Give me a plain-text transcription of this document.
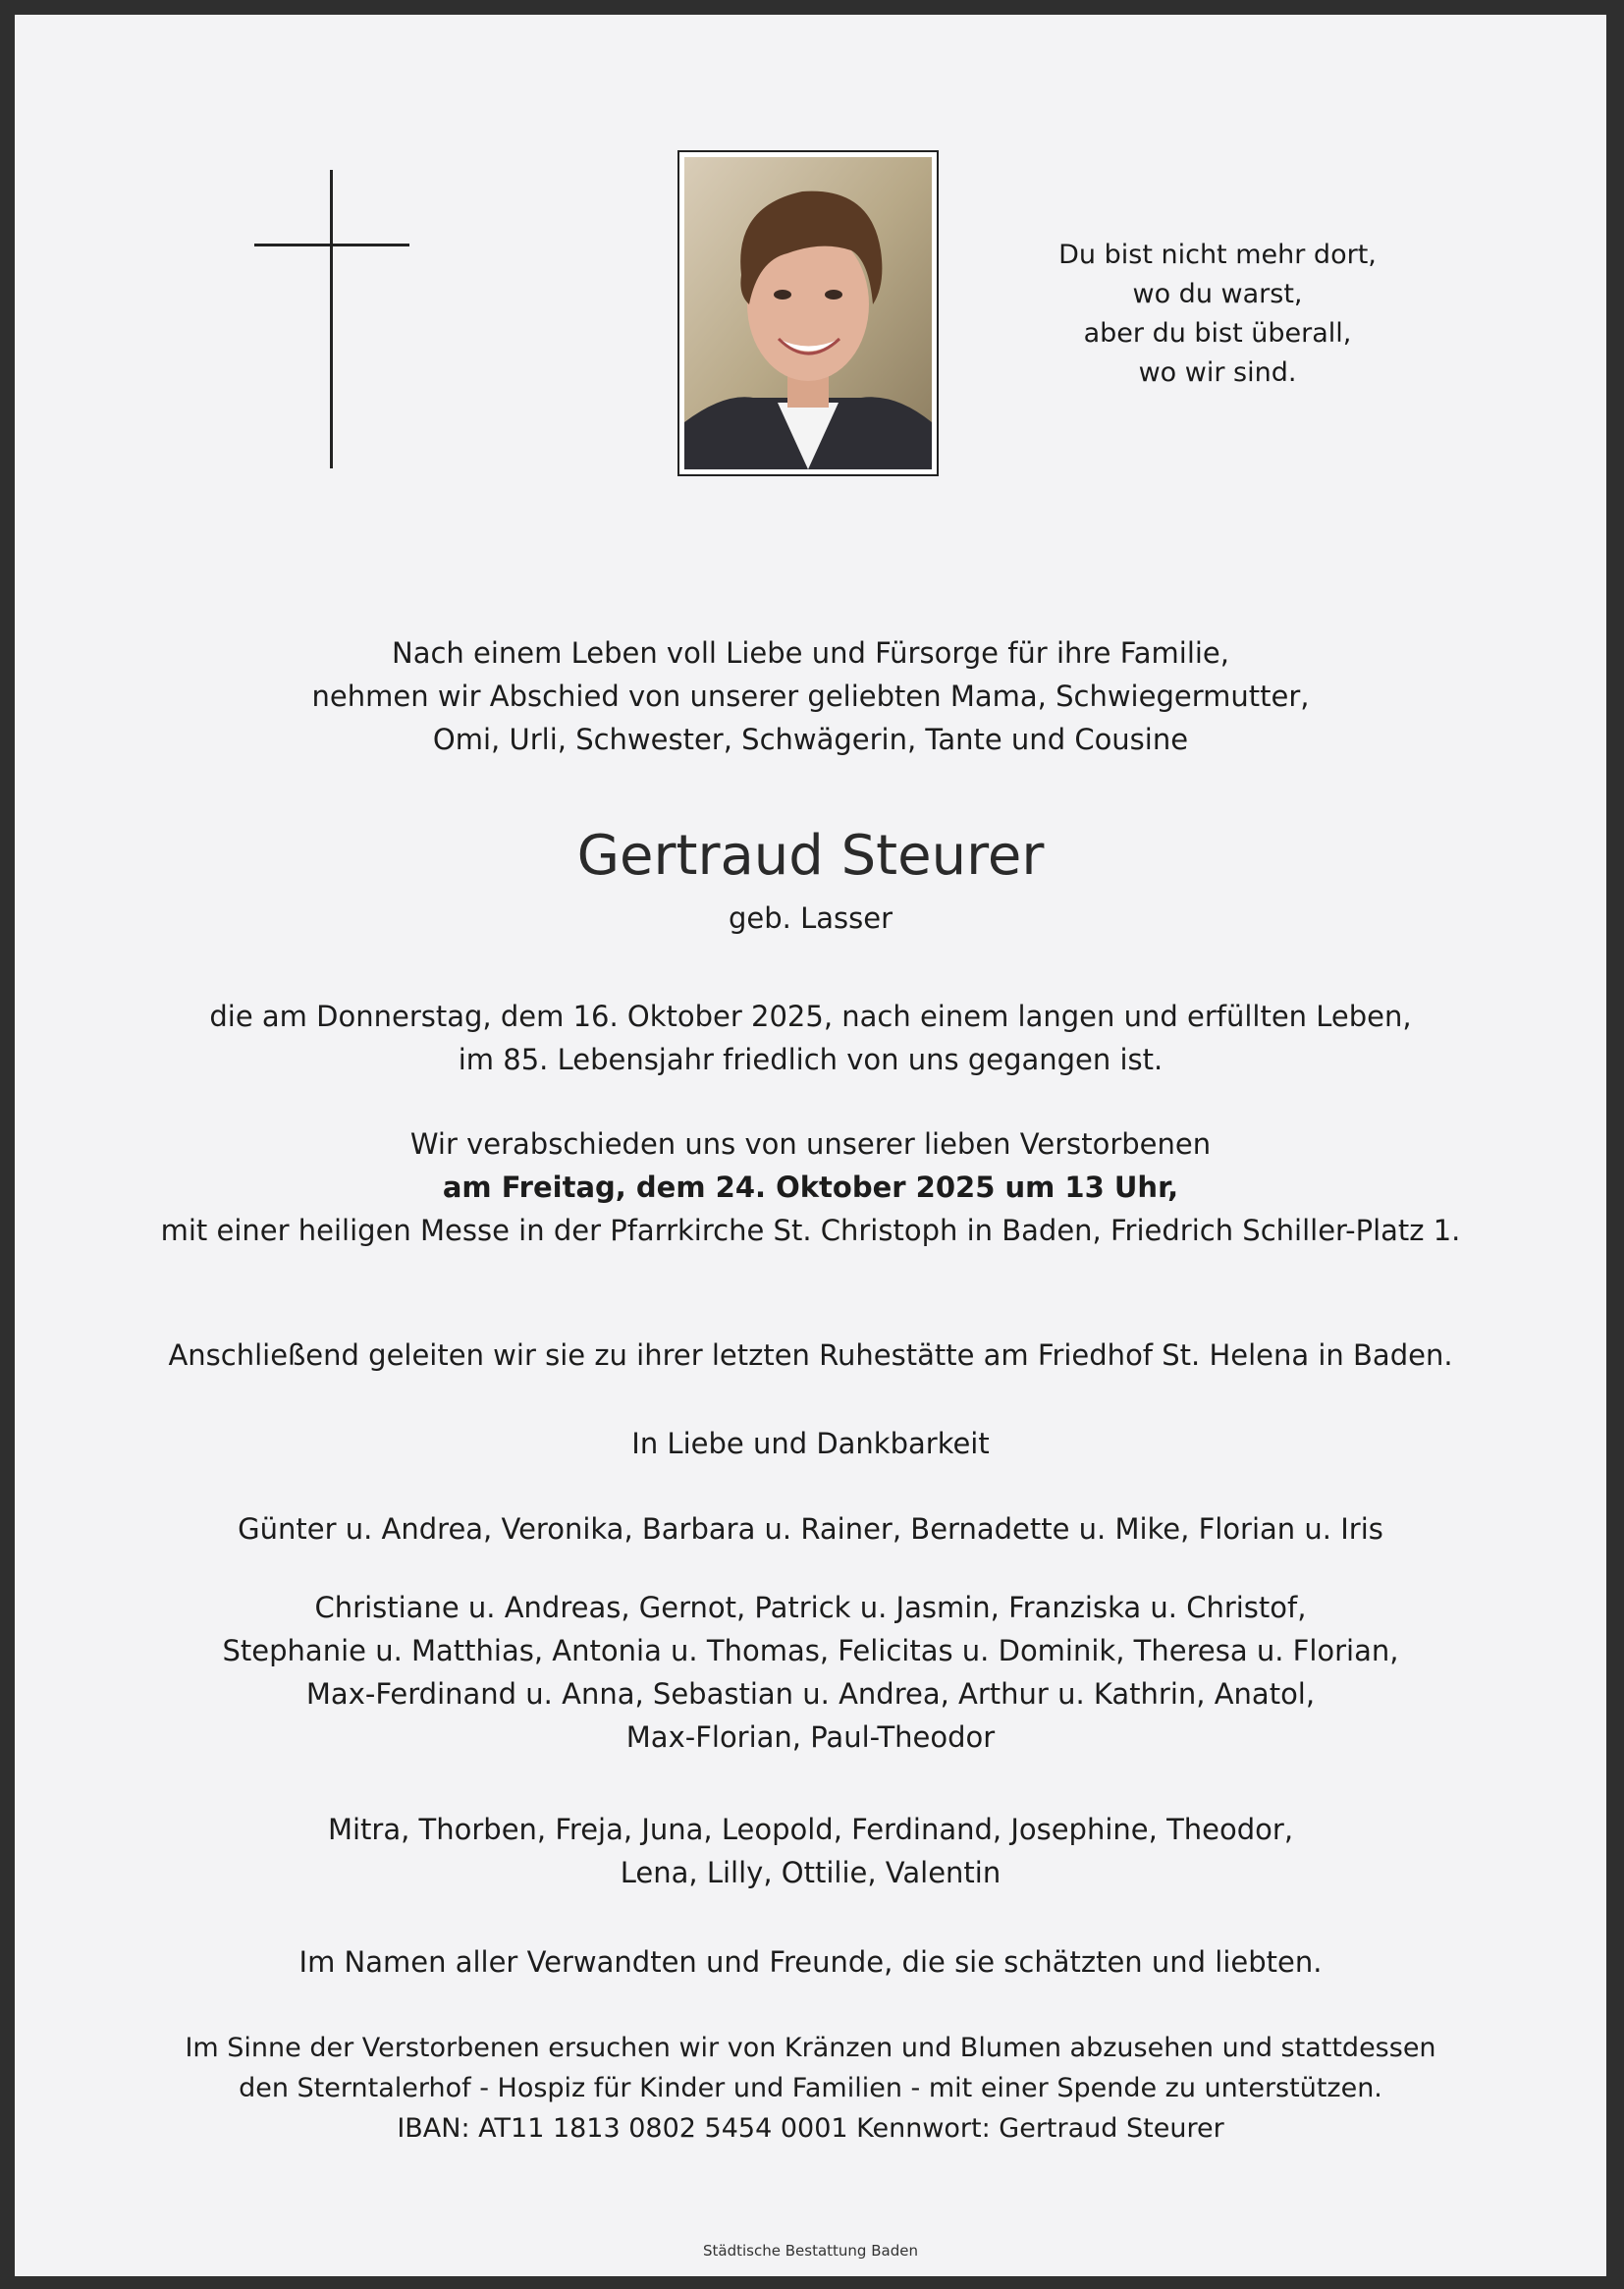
Du bist nicht mehr dort,
wo du warst,
aber du bist überall,
wo wir sind.
Nach einem Leben voll Liebe und Fürsorge für ihre Familie,
nehmen wir Abschied von unserer geliebten Mama, Schwiegermutter,
Omi, Urli, Schwester, Schwägerin, Tante und Cousine
Gertraud Steurer
geb. Lasser
die am Donnerstag, dem 16. Oktober 2025, nach einem langen und erfüllten Leben,
im 85. Lebensjahr friedlich von uns gegangen ist.
Wir verabschieden uns von unserer lieben Verstorbenen
am Freitag, dem 24. Oktober 2025 um 13 Uhr,
mit einer heiligen Messe in der Pfarrkirche St. Christoph in Baden, Friedrich Schiller-Platz 1.
Anschließend geleiten wir sie zu ihrer letzten Ruhestätte am Friedhof St. Helena in Baden.
In Liebe und Dankbarkeit
Günter u. Andrea, Veronika, Barbara u. Rainer, Bernadette u. Mike, Florian u. Iris
Christiane u. Andreas, Gernot, Patrick u. Jasmin, Franziska u. Christof,
Stephanie u. Matthias, Antonia u. Thomas, Felicitas u. Dominik, Theresa u. Florian,
Max-Ferdinand u. Anna, Sebastian u. Andrea, Arthur u. Kathrin, Anatol,
Max-Florian, Paul-Theodor
Mitra, Thorben, Freja, Juna, Leopold, Ferdinand, Josephine, Theodor,
Lena, Lilly, Ottilie, Valentin
Im Namen aller Verwandten und Freunde, die sie schätzten und liebten.
Im Sinne der Verstorbenen ersuchen wir von Kränzen und Blumen abzusehen und stattdessen
den Sterntalerhof - Hospiz für Kinder und Familien - mit einer Spende zu unterstützen.
IBAN: AT11 1813 0802 5454 0001 Kennwort: Gertraud Steurer
Städtische Bestattung Baden
